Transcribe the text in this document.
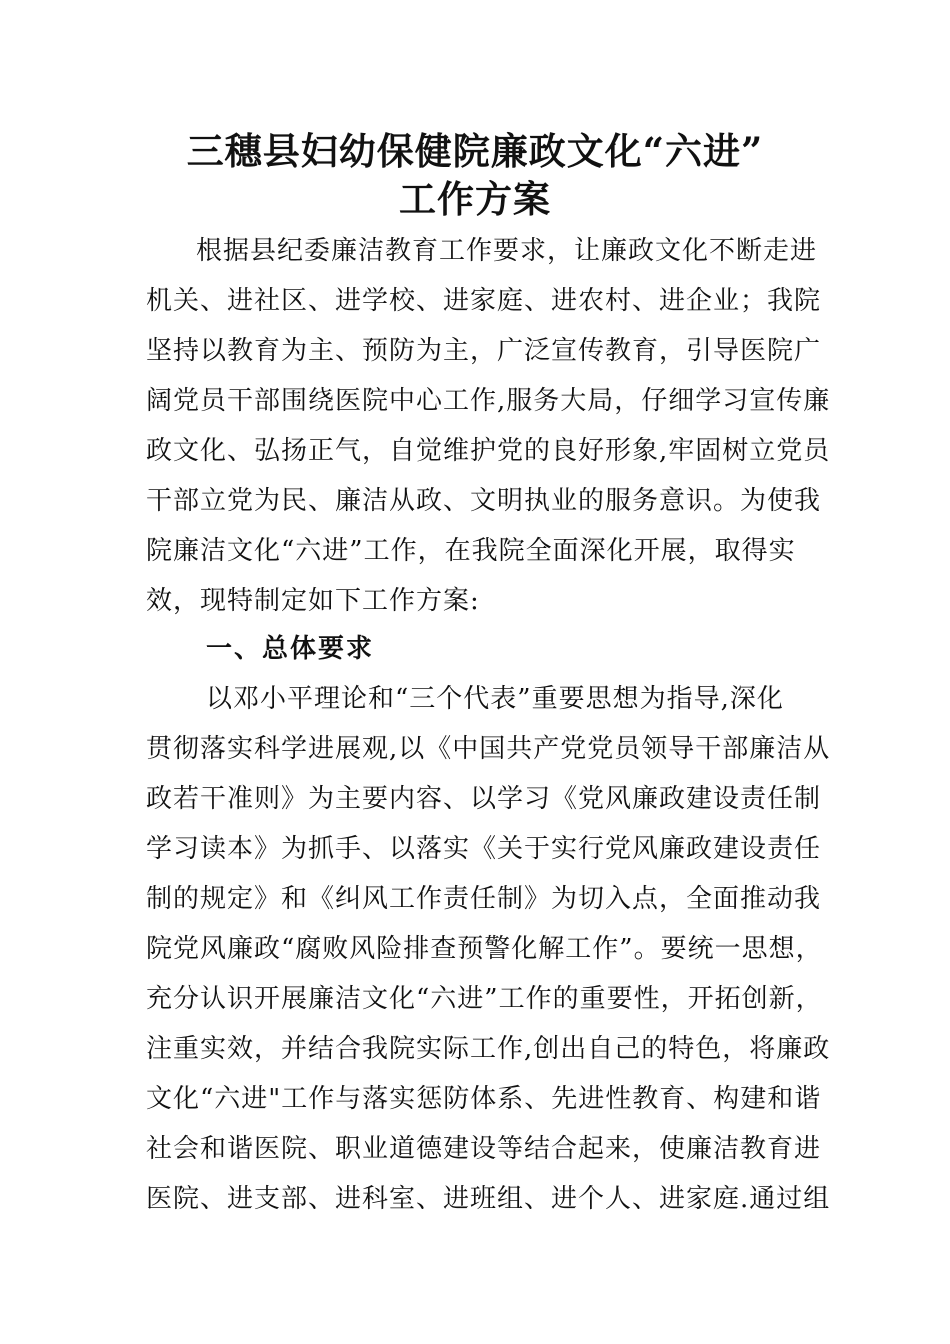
三穗县妇幼保健院廉政文化“六进”
工作方案
根据县纪委廉洁教育工作要求，让廉政文化不断走进
机关、进社区、进学校、进家庭、进农村、进企业；我院
坚持以教育为主、预防为主，广泛宣传教育，引导医院广
阔党员干部围绕医院中心工作,服务大局，仔细学习宣传廉
政文化、弘扬正气，自觉维护党的良好形象,牢固树立党员
干部立党为民、廉洁从政、文明执业的服务意识。为使我
院廉洁文化“六进”工作，在我院全面深化开展，取得实
效，现特制定如下工作方案:
一、总体要求
以邓小平理论和“三个代表”重要思想为指导,深化
贯彻落实科学进展观,以《中国共产党党员领导干部廉洁从
政若干准则》为主要内容、以学习《党风廉政建设责任制
学习读本》为抓手、以落实《关于实行党风廉政建设责任
制的规定》和《纠风工作责任制》为切入点，全面推动我
院党风廉政“腐败风险排查预警化解工作”。要统一思想，
充分认识开展廉洁文化“六进”工作的重要性，开拓创新，
注重实效，并结合我院实际工作,创出自己的特色，将廉政
文化“六进"工作与落实惩防体系、先进性教育、构建和谐
社会和谐医院、职业道德建设等结合起来，使廉洁教育进
医院、进支部、进科室、进班组、进个人、进家庭.通过组
